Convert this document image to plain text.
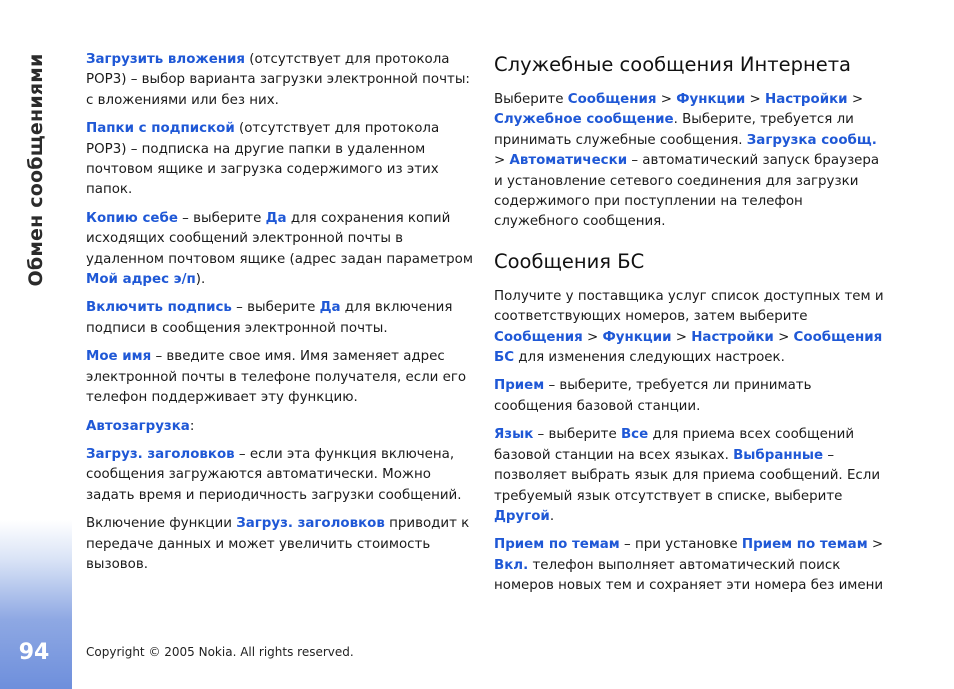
Обмен сообщениями
94

Загрузить вложения (отсутствует для протокола POP3) – выбор варианта загрузки электронной почты: с вложениями или без них.

Папки с подпиской (отсутствует для протокола POP3) – подписка на другие папки в удаленном почтовом ящике и загрузка содержимого из этих папок.

Копию себе – выберите Да для сохранения копий исходящих сообщений электронной почты в удаленном почтовом ящике (адрес задан параметром Мой адрес э/п).

Включить подпись – выберите Да для включения подписи в сообщения электронной почты.

Мое имя – введите свое имя. Имя заменяет адрес электронной почты в телефоне получателя, если его телефон поддерживает эту функцию.

Автозагрузка:

Загруз. заголовков – если эта функция включена, сообщения загружаются автоматически. Можно задать время и периодичность загрузки сообщений.

Включение функции Загруз. заголовков приводит к передаче данных и может увеличить стоимость вызовов.

Служебные сообщения Интернета

Выберите Сообщения > Функции > Настройки > Служебное сообщение. Выберите, требуется ли принимать служебные сообщения. Загрузка сообщ. > Автоматически – автоматический запуск браузера и установление сетевого соединения для загрузки содержимого при поступлении на телефон служебного сообщения.

Сообщения БС

Получите у поставщика услуг список доступных тем и соответствующих номеров, затем выберите Сообщения > Функции > Настройки > Сообщения БС для изменения следующих настроек.

Прием – выберите, требуется ли принимать сообщения базовой станции.

Язык – выберите Все для приема всех сообщений базовой станции на всех языках. Выбранные – позволяет выбрать язык для приема сообщений. Если требуемый язык отсутствует в списке, выберите Другой.

Прием по темам – при установке Прием по темам > Вкл. телефон выполняет автоматический поиск номеров новых тем и сохраняет эти номера без имени

Copyright © 2005 Nokia. All rights reserved.
